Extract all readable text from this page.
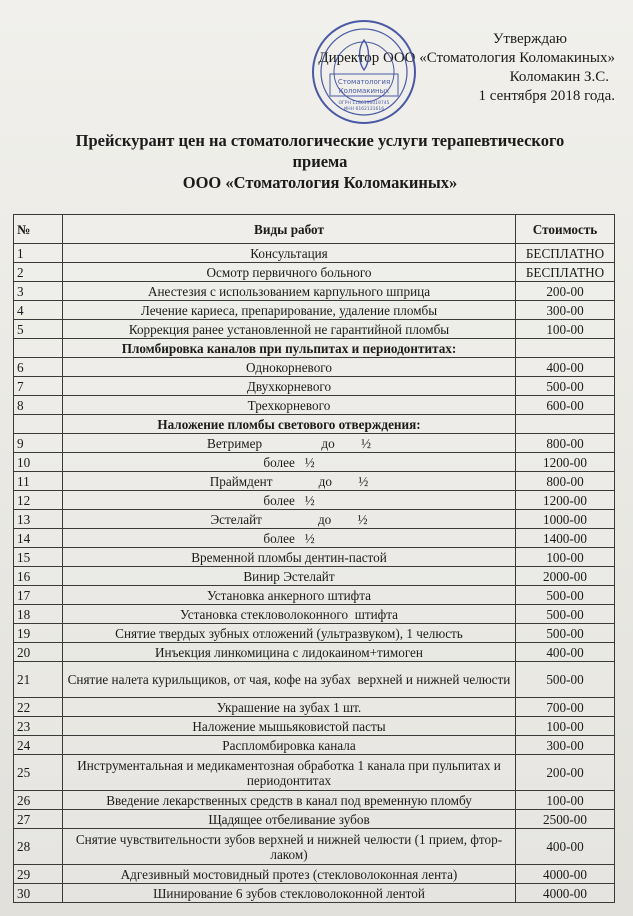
Утверждаю
Директор ООО «Стоматология Коломакиных»
Коломакин З.С.
1 сентября 2018 года.
Стоматология
Коломакиных
ОГРН 1186196019745
ИНН 6162131616
Прейскурант цен на стоматологические услуги терапевтического
приема
ООО «Стоматология Коломакиных»
№	Виды работ	Стоимость
1	Консультация	БЕСПЛАТНО
2	Осмотр первичного больного	БЕСПЛАТНО
3	Анестезия с использованием карпульного шприца	200-00
4	Лечение кариеса, препарирование, удаление пломбы	300-00
5	Коррекция ранее установленной не гарантийной пломбы	100-00
	Пломбировка каналов при пульпитах и периодонтитах:	
6	Однокорневого	400-00
7	Двухкорневого	500-00
8	Трехкорневого	600-00
	Наложение пломбы светового отверждения:	
9	Ветример                  до        ½	800-00
10	более   ½	1200-00
11	Праймдент              до        ½	800-00
12	более   ½	1200-00
13	Эстелайт                 до        ½	1000-00
14	более   ½	1400-00
15	Временной пломбы дентин-пастой	100-00
16	Винир Эстелайт	2000-00
17	Установка анкерного штифта	500-00
18	Установка стекловолоконного  штифта	500-00
19	Снятие твердых зубных отложений (ультразвуком), 1 челюсть	500-00
20	Инъекция линкомицина с лидокаином+тимоген	400-00
21	Снятие налета курильщиков, от чая, кофе на зубах  верхней и нижней челюсти	500-00
22	Украшение на зубах 1 шт.	700-00
23	Наложение мышьяковистой пасты	100-00
24	Распломбировка канала	300-00
25	Инструментальная и медикаментозная обработка 1 канала при пульпитах и периодонтитах	200-00
26	Введение лекарственных средств в канал под временную пломбу	100-00
27	Щадящее отбеливание зубов	2500-00
28	Снятие чувствительности зубов верхней и нижней челюсти (1 прием, фтор-лаком)	400-00
29	Адгезивный мостовидный протез (стекловолоконная лента)	4000-00
30	Шинирование 6 зубов стекловолоконной лентой	4000-00
